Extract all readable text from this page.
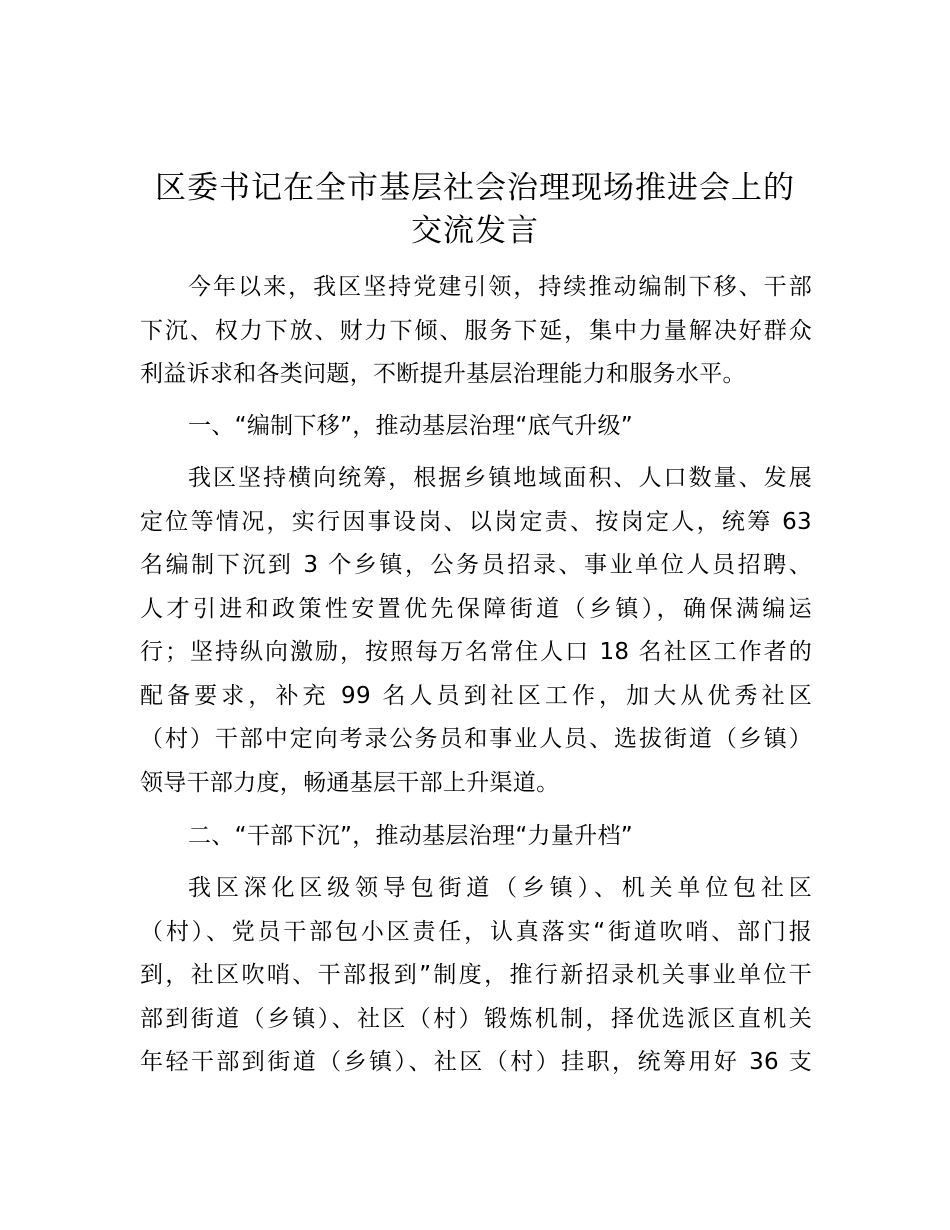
区委书记在全市基层社会治理现场推进会上的
交流发言

今年以来，我区坚持党建引领，持续推动编制下移、干部
下沉、权力下放、财力下倾、服务下延，集中力量解决好群众
利益诉求和各类问题，不断提升基层治理能力和服务水平。

一、“编制下移”，推动基层治理“底气升级”

我区坚持横向统筹，根据乡镇地域面积、人口数量、发展
定位等情况，实行因事设岗、以岗定责、按岗定人，统筹 63
名编制下沉到 3 个乡镇，公务员招录、事业单位人员招聘、
人才引进和政策性安置优先保障街道（乡镇），确保满编运
行；坚持纵向激励，按照每万名常住人口 18 名社区工作者的
配备要求，补充 99 名人员到社区工作，加大从优秀社区
（村）干部中定向考录公务员和事业人员、选拔街道（乡镇）
领导干部力度，畅通基层干部上升渠道。

二、“干部下沉”，推动基层治理“力量升档”

我区深化区级领导包街道（乡镇）、机关单位包社区
（村）、党员干部包小区责任，认真落实“街道吹哨、部门报
到，社区吹哨、干部报到”制度，推行新招录机关事业单位干
部到街道（乡镇）、社区（村）锻炼机制，择优选派区直机关
年轻干部到街道（乡镇）、社区（村）挂职，统筹用好 36 支
